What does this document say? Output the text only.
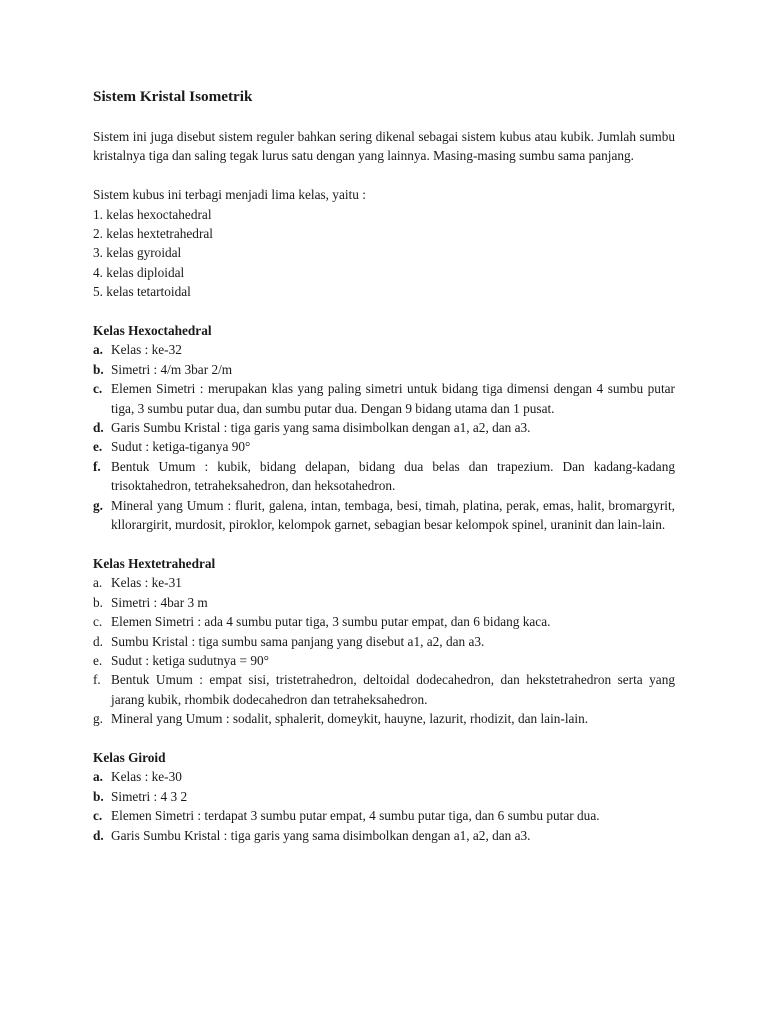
Sistem Kristal Isometrik
Sistem ini juga disebut sistem reguler bahkan sering dikenal sebagai sistem kubus atau kubik. Jumlah sumbu kristalnya tiga dan saling tegak lurus satu dengan yang lainnya. Masing-masing sumbu sama panjang.
Sistem kubus ini terbagi menjadi lima kelas, yaitu :
1. kelas hexoctahedral
2. kelas hextetrahedral
3. kelas gyroidal
4. kelas diploidal
5. kelas tetartoidal
Kelas Hexoctahedral
a. Kelas : ke-32
b. Simetri : 4/m 3bar 2/m
c. Elemen Simetri : merupakan klas yang paling simetri untuk bidang tiga dimensi dengan 4 sumbu putar tiga, 3 sumbu putar dua, dan sumbu putar dua. Dengan 9 bidang utama dan 1 pusat.
d. Garis Sumbu Kristal : tiga garis yang sama disimbolkan dengan a1, a2, dan a3.
e. Sudut : ketiga-tiganya 90°
f. Bentuk Umum : kubik, bidang delapan, bidang dua belas dan trapezium. Dan kadang-kadang trisoktahedron, tetraheksahedron, dan heksotahedron.
g. Mineral yang Umum : flurit, galena, intan, tembaga, besi, timah, platina, perak, emas, halit, bromargyrit, kllorargirit, murdosit, piroklor, kelompok garnet, sebagian besar kelompok spinel, uraninit dan lain-lain.
Kelas Hextetrahedral
a. Kelas : ke-31
b. Simetri : 4bar 3 m
c. Elemen Simetri : ada 4 sumbu putar tiga, 3 sumbu putar empat, dan 6 bidang kaca.
d. Sumbu Kristal : tiga sumbu sama panjang yang disebut a1, a2, dan a3.
e. Sudut : ketiga sudutnya = 90°
f. Bentuk Umum : empat sisi, tristetrahedron, deltoidal dodecahedron, dan hekstetrahedron serta yang jarang kubik, rhombik dodecahedron dan tetraheksahedron.
g. Mineral yang Umum : sodalit, sphalerit, domeykit, hauyne, lazurit, rhodizit, dan lain-lain.
Kelas Giroid
a. Kelas : ke-30
b. Simetri : 4 3 2
c. Elemen Simetri : terdapat 3 sumbu putar empat, 4 sumbu putar tiga, dan 6 sumbu putar dua.
d. Garis Sumbu Kristal : tiga garis yang sama disimbolkan dengan a1, a2, dan a3.
